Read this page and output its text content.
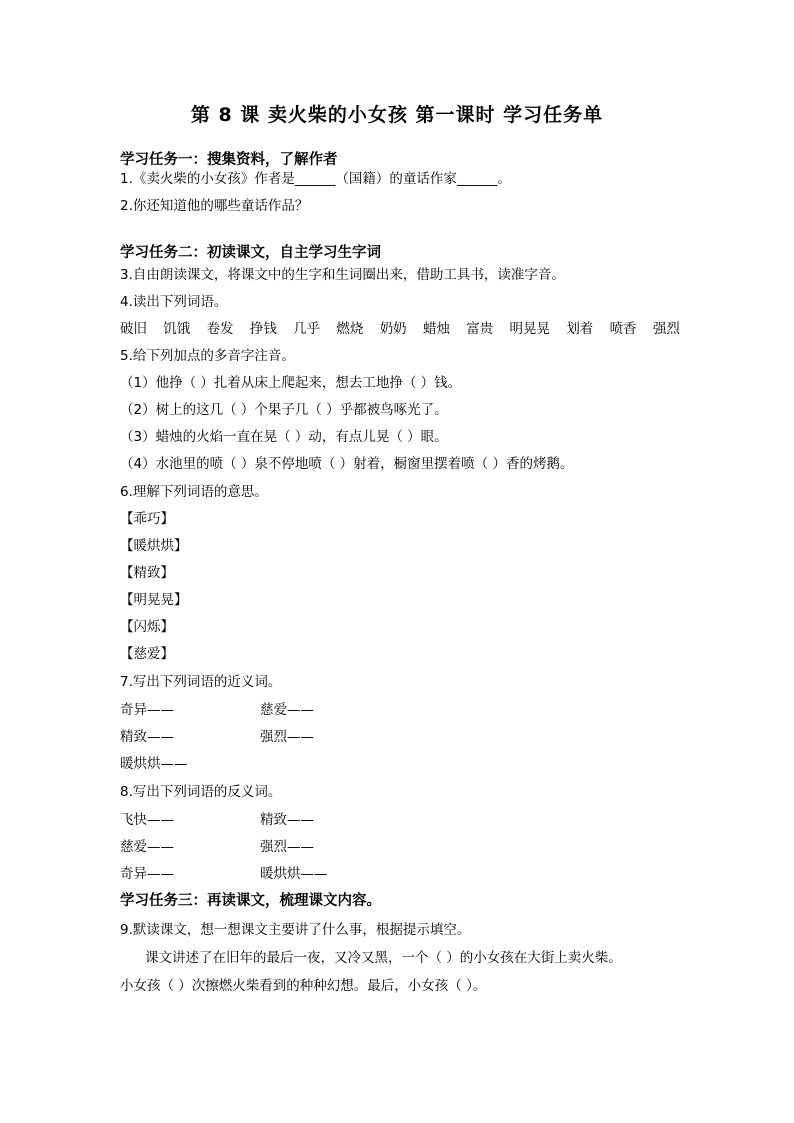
第 8 课 卖火柴的小女孩 第一课时 学习任务单
学习任务一：搜集资料，了解作者
1.《卖火柴的小女孩》作者是______（国籍）的童话作家______。
2.你还知道他的哪些童话作品？
学习任务二：初读课文，自主学习生字词
3.自由朗读课文，将课文中的生字和生词圈出来，借助工具书，读准字音。
4.读出下列词语。
破旧 饥饿 卷发 挣钱 几乎 燃烧 奶奶 蜡烛 富贵 明晃晃 划着 喷香 强烈
5.给下列加点的多音字注音。
（1）他挣（ ）扎着从床上爬起来，想去工地挣（ ）钱。
（2）树上的这几（ ）个果子几（ ）乎都被鸟啄光了。
（3）蜡烛的火焰一直在晃（ ）动，有点儿晃（ ）眼。
（4）水池里的喷（ ）泉不停地喷（ ）射着，橱窗里摆着喷（ ）香的烤鹅。
6.理解下列词语的意思。
【乖巧】
【暖烘烘】
【精致】
【明晃晃】
【闪烁】
【慈爱】
7.写出下列词语的近义词。
奇异——	慈爱——
精致——	强烈——
暖烘烘——
8.写出下列词语的反义词。
飞快——	精致——
慈爱——	强烈——
奇异——	暖烘烘——
学习任务三：再读课文，梳理课文内容。
9.默读课文，想一想课文主要讲了什么事，根据提示填空。
课文讲述了在旧年的最后一夜，又冷又黑，一个（ ）的小女孩在大街上卖火柴。
小女孩（ ）次擦燃火柴看到的种种幻想。最后，小女孩（ ）。
